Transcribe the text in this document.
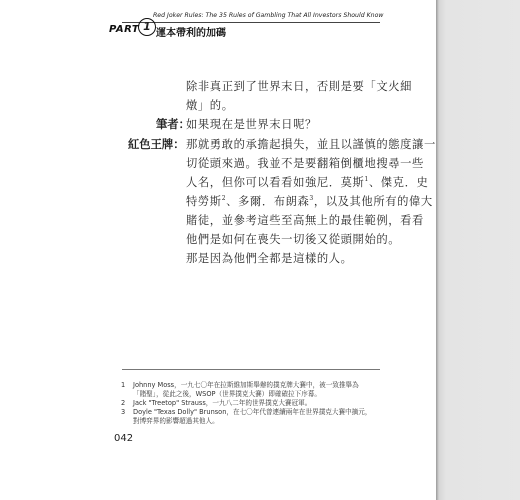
Red Joker Rules: The 35 Rules of Gambling That All Investors Should Know
PART 1
運本帶利的加碼
除非真正到了世界末日，否則是要「文火細
燉」的。
筆者：
如果現在是世界末日呢？
紅色王牌： 那就勇敢的承擔起損失，並且以謹慎的態度讓一
切從頭來過。我並不是要翻箱倒櫃地搜尋一些
人名，但你可以看看如強尼．莫斯$^1$、傑克．史
特勞斯$^2$、多爾．布朗森$^3$，以及其他所有的偉大
賭徒，並參考這些至高無上的最佳範例，看看
他們是如何在喪失一切後又從頭開始的。
那是因為他們全都是這樣的人。
1 Johnny Moss，一九七〇年在拉斯維加斯舉辦的撲克牌大賽中，被一致推舉為
「賭聖」，從此之後，WSOP（世界撲克大賽）即確確拉下序幕。
2 Jack "Treetop" Strauss，一九八二年的世界撲克大賽冠軍。
3 Doyle "Texas Dolly" Brunson，在七〇年代曾連續兩年在世界撲克大賽中摘元，
對博弈界的影響超過其他人。
042
